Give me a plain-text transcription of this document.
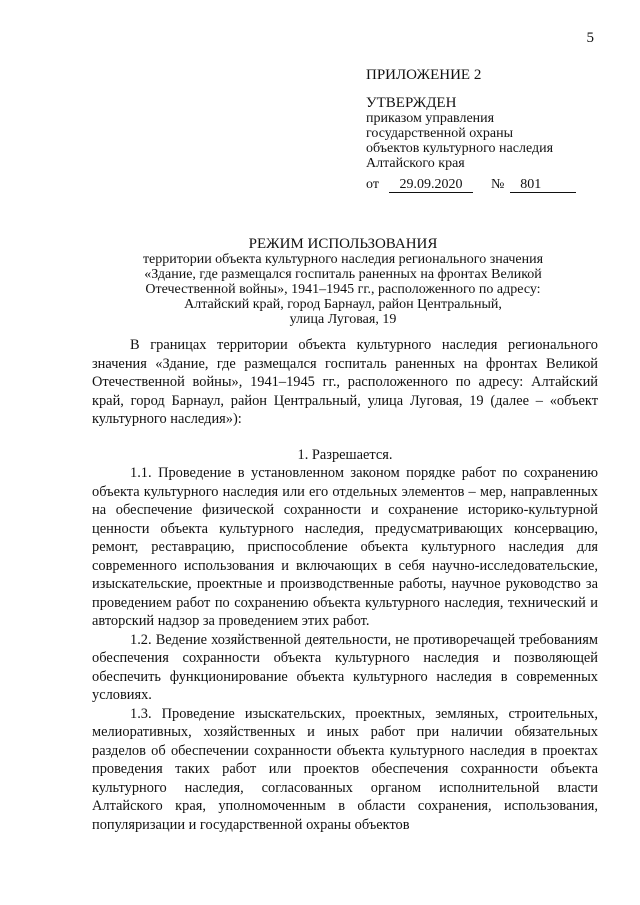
5
ПРИЛОЖЕНИЕ 2
УТВЕРЖДЕН
приказом управления
государственной охраны
объектов культурного наследия
Алтайского края
от	29.09.2020	№	801
РЕЖИМ ИСПОЛЬЗОВАНИЯ
территории объекта культурного наследия регионального значения
«Здание, где размещался госпиталь раненных на фронтах Великой
Отечественной войны», 1941–1945 гг., расположенного по адресу:
Алтайский край, город Барнаул, район Центральный,
улица Луговая, 19

В границах территории объекта культурного наследия регионального значения «Здание, где размещался госпиталь раненных на фронтах Великой Отечественной войны», 1941–1945 гг., расположенного по адресу: Алтайский край, город Барнаул, район Центральный, улица Луговая, 19 (далее – «объект культурного наследия»):

1. Разрешается.

1.1. Проведение в установленном законом порядке работ по сохранению объекта культурного наследия или его отдельных элементов – мер, направленных на обеспечение физической сохранности и сохранение историко-культурной ценности объекта культурного наследия, предусматривающих консервацию, ремонт, реставрацию, приспособление объекта культурного наследия для современного использования и включающих в себя научно-исследовательские, изыскательские, проектные и производственные работы, научное руководство за проведением работ по сохранению объекта культурного наследия, технический и авторский надзор за проведением этих работ.

1.2. Ведение хозяйственной деятельности, не противоречащей требованиям обеспечения сохранности объекта культурного наследия и позволяющей обеспечить функционирование объекта культурного наследия в современных условиях.

1.3. Проведение изыскательских, проектных, земляных, строительных, мелиоративных, хозяйственных и иных работ при наличии обязательных разделов об обеспечении сохранности объекта культурного наследия в проектах проведения таких работ или проектов обеспечения сохранности объекта культурного наследия, согласованных органом исполнительной власти Алтайского края, уполномоченным в области сохранения, использования, популяризации и государственной охраны объектов
